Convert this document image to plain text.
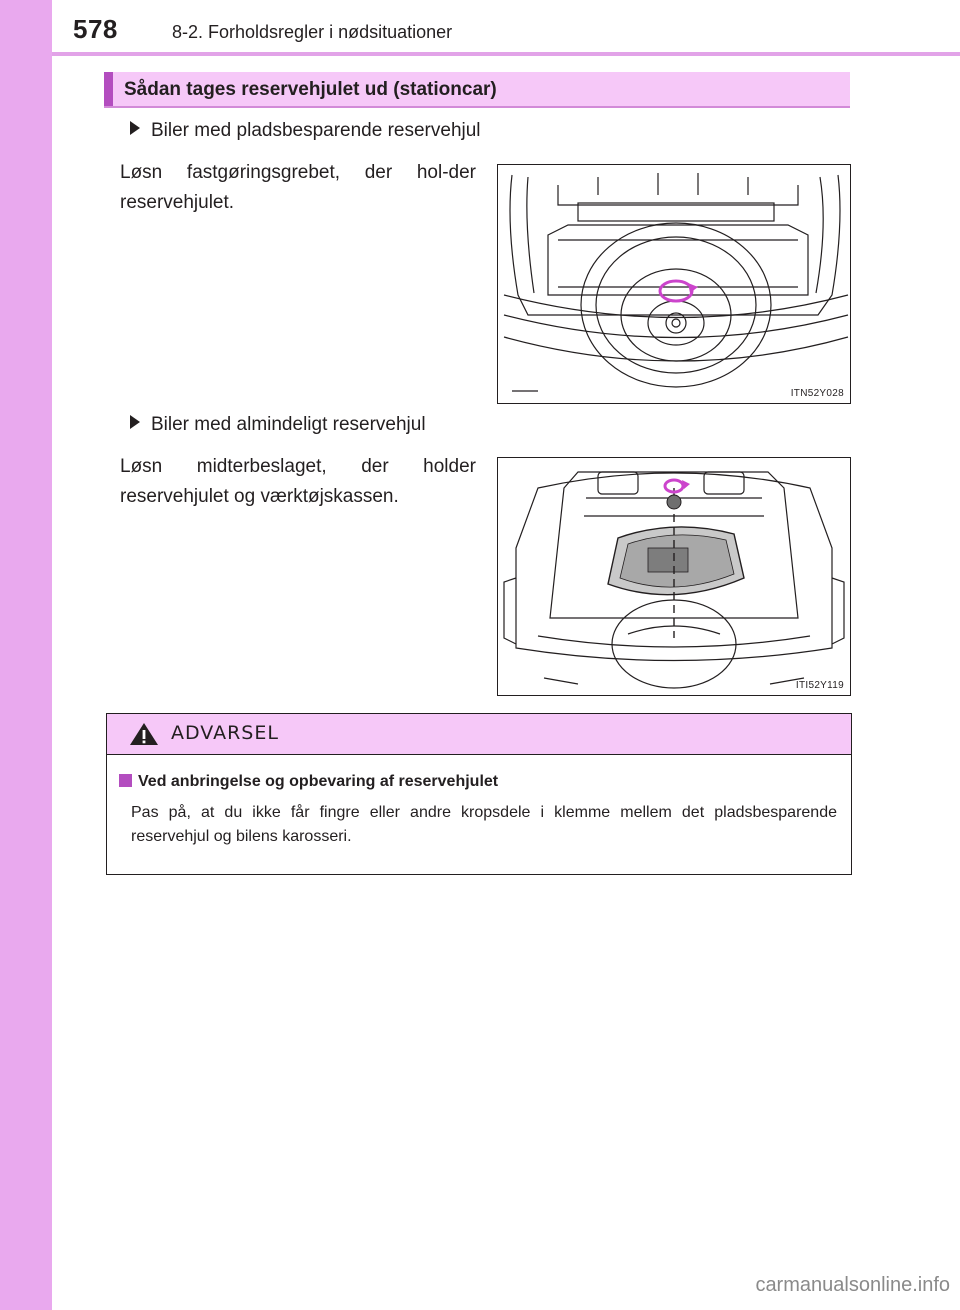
578	8-2. Forholdsregler i nødsituationer
Sådan tages reservehjulet ud (stationcar)
Biler med pladsbesparende reservehjul
Løsn fastgøringsgrebet, der hol-der reservehjulet.
ITN52Y028
Biler med almindeligt reservehjul
Løsn midterbeslaget, der holder reservehjulet og værktøjskassen.
ITI52Y119
ADVARSEL
Ved anbringelse og opbevaring af reservehjulet
Pas på, at du ikke får fingre eller andre kropsdele i klemme mellem det pladsbesparende reservehjul og bilens karosseri.
carmanualsonline.info
